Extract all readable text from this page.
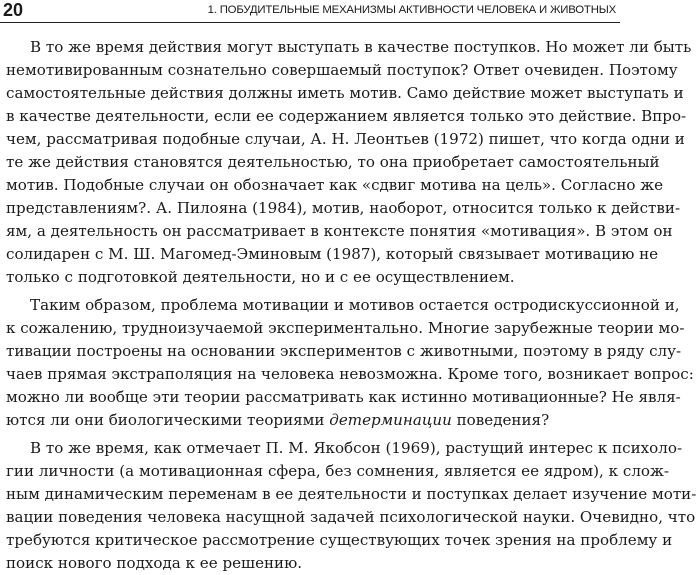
20	1. ПОБУДИТЕЛЬНЫЕ МЕХАНИЗМЫ АКТИВНОСТИ ЧЕЛОВЕКА И ЖИВОТНЫХ

В то же время действия могут выступать в качестве поступков. Но может ли быть
немотивированным сознательно совершаемый поступок? Ответ очевиден. Поэтому
самостоятельные действия должны иметь мотив. Само действие может выступать и
в качестве деятельности, если ее содержанием является только это действие. Впро-
чем, рассматривая подобные случаи, А. Н. Леонтьев (1972) пишет, что когда одни и
те же действия становятся деятельностью, то она приобретает самостоятельный
мотив. Подобные случаи он обозначает как «сдвиг мотива на цель». Согласно же
представлениям?. А. Пилояна (1984), мотив, наоборот, относится только к действи-
ям, а деятельность он рассматривает в контексте понятия «мотивация». В этом он
солидарен с М. Ш. Магомед-Эминовым (1987), который связывает мотивацию не
только с подготовкой деятельности, но и с ее осуществлением.

Таким образом, проблема мотивации и мотивов остается остродискуссионной и,
к сожалению, трудноизучаемой экспериментально. Многие зарубежные теории мо-
тивации построены на основании экспериментов с животными, поэтому в ряду слу-
чаев прямая экстраполяция на человека невозможна. Кроме того, возникает вопрос:
можно ли вообще эти теории рассматривать как истинно мотивационные? Не явля-
ются ли они биологическими теориями детерминации поведения?

В то же время, как отмечает П. М. Якобсон (1969), растущий интерес к психоло-
гии личности (а мотивационная сфера, без сомнения, является ее ядром), к слож-
ным динамическим переменам в ее деятельности и поступках делает изучение моти-
вации поведения человека насущной задачей психологической науки. Очевидно, что
требуются критическое рассмотрение существующих точек зрения на проблему и
поиск нового подхода к ее решению.
